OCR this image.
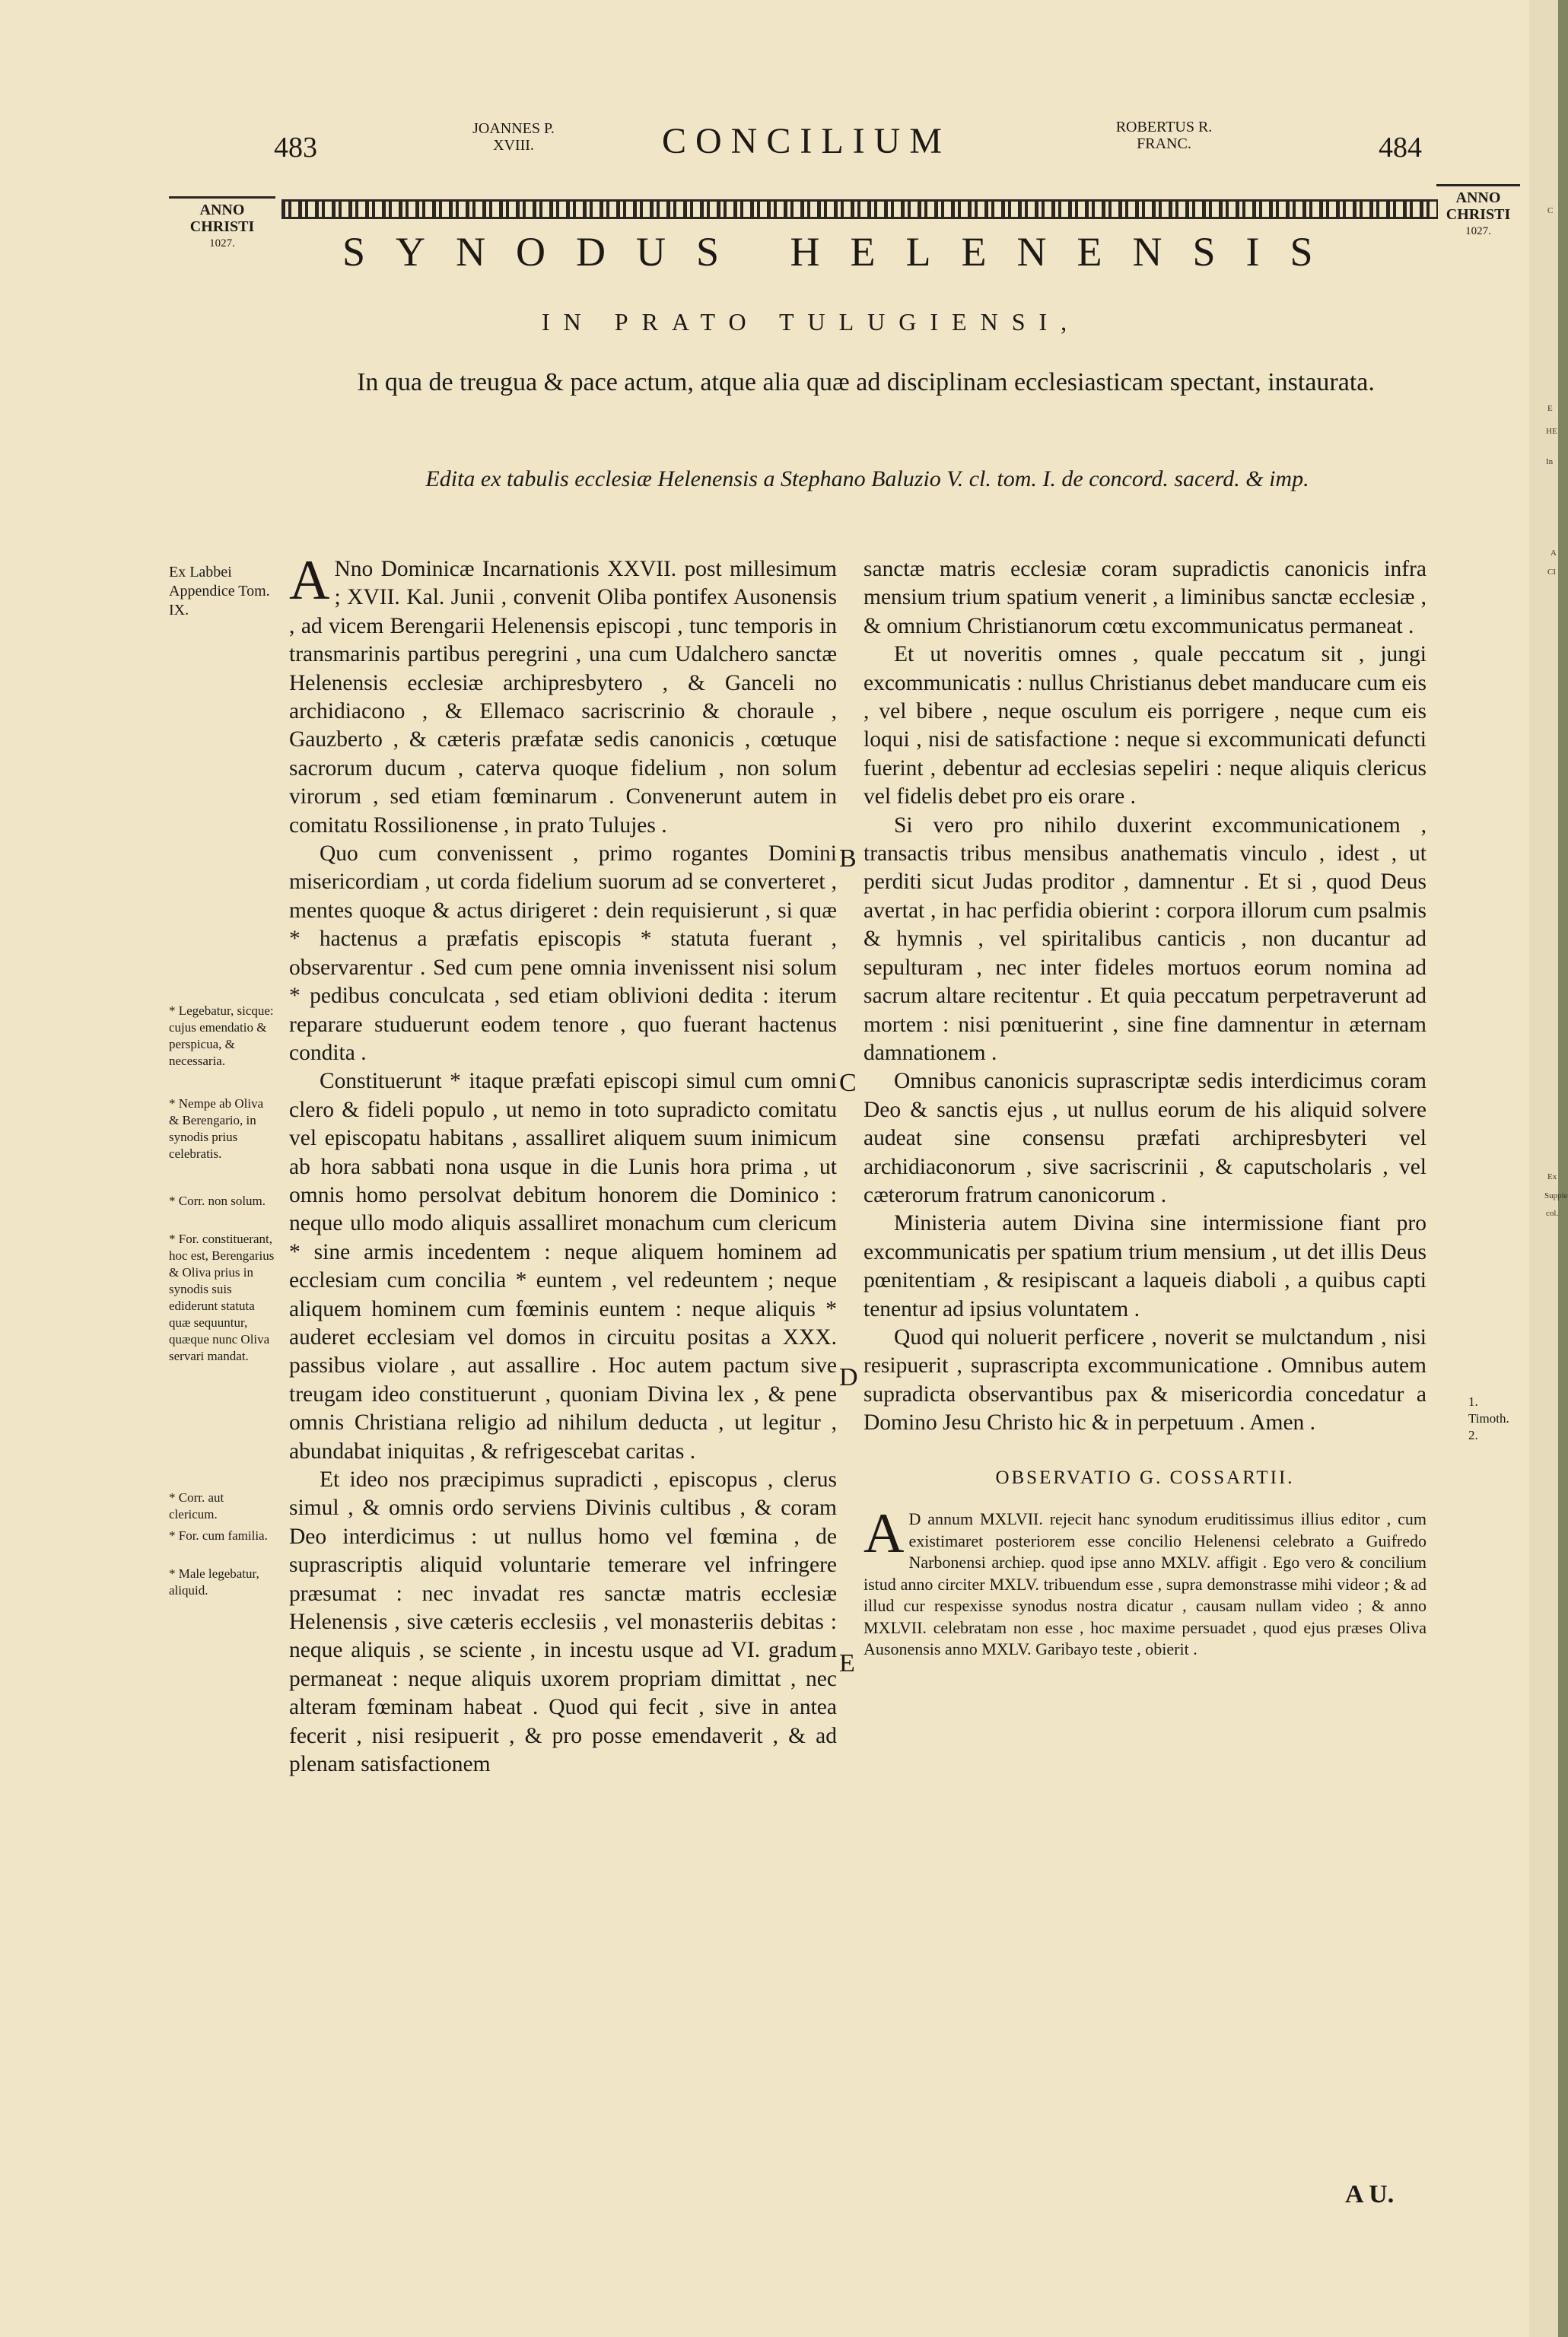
483
JOANNES P. XVIII.	CONCILIUM	ROBERTUS R. FRANC.	484
ANNO CHRISTI
1027.
ANNO CHRISTI
1027.
SYNODUS HELENENSIS
IN PRATO TULUGIENSI,
In qua de treugua & pace actum, atque alia quæ ad disciplinam ecclesiasticam spectant, instaurata.
Edita ex tabulis ecclesiæ Helenensis a Stephano Baluzio V. cl. tom. I. de concord. sacerd. & imp.
Ex Labbei Appendice Tom. IX.
* Legebatur, sicque: cujus emendatio & perspicua, & necessaria.
* Nempe ab Oliva & Berengario, in synodis prius celebratis.
* Corr. non solum.
* For. constituerant, hoc est, Berengarius & Oliva prius in synodis suis ediderunt statuta quæ sequuntur, quæque nunc Oliva servari mandat.
* Corr. aut clericum.
* For. cum familia.
* Male legebatur, aliquid.
1. Timoth. 2.
B
C
D
E

A Nno Dominicæ Incarnationis XXVII. post millesimum ; XVII. Kal. Junii , convenit Oliba pontifex Ausonensis , ad vicem Berengarii Helenensis episcopi , tunc temporis in transmarinis partibus peregrini , una cum Udalchero sanctæ Helenensis ecclesiæ archipresbytero , & Ganceli no archidiacono , & Ellemaco sacriscrinio & choraule , Gauzberto , & cæteris præfatæ sedis canonicis , cœtuque sacrorum ducum , caterva quoque fidelium , non solum virorum , sed etiam fœminarum . Convenerunt autem in comitatu Rossilionense , in prato Tulujes .

Quo cum convenissent , primo rogantes Domini misericordiam , ut corda fidelium suorum ad se converteret , mentes quoque & actus dirigeret : dein requisierunt , si quæ * hactenus a præfatis episcopis * statuta fuerant , observarentur . Sed cum pene omnia invenissent nisi solum * pedibus conculcata , sed etiam oblivioni dedita : iterum reparare studuerunt eodem tenore , quo fuerant hactenus condita .

Constituerunt * itaque præfati episcopi simul cum omni clero & fideli populo , ut nemo in toto supradicto comitatu vel episcopatu habitans , assalliret aliquem suum inimicum ab hora sabbati nona usque in die Lunis hora prima , ut omnis homo persolvat debitum honorem die Dominico : neque ullo modo aliquis assalliret monachum cum clericum * sine armis incedentem : neque aliquem hominem ad ecclesiam cum concilia * euntem , vel redeuntem ; neque aliquem hominem cum fœminis euntem : neque aliquis * auderet ecclesiam vel domos in circuitu positas a XXX. passibus violare , aut assallire . Hoc autem pactum sive treugam ideo constituerunt , quoniam Divina lex , & pene omnis Christiana religio ad nihilum deducta , ut legitur , abundabat iniquitas , & refrigescebat caritas .

Et ideo nos præcipimus supradicti , episcopus , clerus simul , & omnis ordo serviens Divinis cultibus , & coram Deo interdicimus : ut nullus homo vel fœmina , de suprascriptis aliquid voluntarie temerare vel infringere præsumat : nec invadat res sanctæ matris ecclesiæ Helenensis , sive cæteris ecclesiis , vel monasteriis debitas : neque aliquis , se sciente , in incestu usque ad VI. gradum permaneat : neque aliquis uxorem propriam dimittat , nec alteram fœminam habeat . Quod qui fecit , sive in antea fecerit , nisi resipuerit , & pro posse emendaverit , & ad plenam satisfactionem

sanctæ matris ecclesiæ coram supradictis canonicis infra mensium trium spatium venerit , a liminibus sanctæ ecclesiæ , & omnium Christianorum cœtu excommunicatus permaneat .

Et ut noveritis omnes , quale peccatum sit , jungi excommunicatis : nullus Christianus debet manducare cum eis , vel bibere , neque osculum eis porrigere , neque cum eis loqui , nisi de satisfactione : neque si excommunicati defuncti fuerint , debentur ad ecclesias sepeliri : neque aliquis clericus vel fidelis debet pro eis orare .

Si vero pro nihilo duxerint excommunicationem , transactis tribus mensibus anathematis vinculo , idest , ut perditi sicut Judas proditor , damnentur . Et si , quod Deus avertat , in hac perfidia obierint : corpora illorum cum psalmis & hymnis , vel spiritalibus canticis , non ducantur ad sepulturam , nec inter fideles mortuos eorum nomina ad sacrum altare recitentur . Et quia peccatum perpetraverunt ad mortem : nisi pœnituerint , sine fine damnentur in æternam damnationem .

Omnibus canonicis suprascriptæ sedis interdicimus coram Deo & sanctis ejus , ut nullus eorum de his aliquid solvere audeat sine consensu præfati archipresbyteri vel archidiaconorum , sive sacriscrinii , & caputscholaris , vel cæterorum fratrum canonicorum .

Ministeria autem Divina sine intermissione fiant pro excommunicatis per spatium trium mensium , ut det illis Deus pœnitentiam , & resipiscant a laqueis diaboli , a quibus capti tenentur ad ipsius voluntatem .

Quod qui noluerit perficere , noverit se mulctandum , nisi resipuerit , suprascripta excommunicatione . Omnibus autem supradicta observantibus pax & misericordia concedatur a Domino Jesu Christo hic & in perpetuum . Amen .

OBSERVATIO G. COSSARTII.
A D annum MXLVII. rejecit hanc synodum eruditissimus illius editor , cum existimaret posteriorem esse concilio Helenensi celebrato a Guifredo Narbonensi archiep. quod ipse anno MXLV. affigit . Ego vero & concilium istud anno circiter MXLV. tribuendum esse , supra demonstrasse mihi videor ; & ad illud cur respexisse synodus nostra dicatur , causam nullam video ; & anno MXLVII. celebratam non esse , hoc maxime persuadet , quod ejus præses Oliva Ausonensis anno MXLV. Garibayo teste , obierit .
A U.
C
E
HE
In
A
CI
Ex
Supple
col.
